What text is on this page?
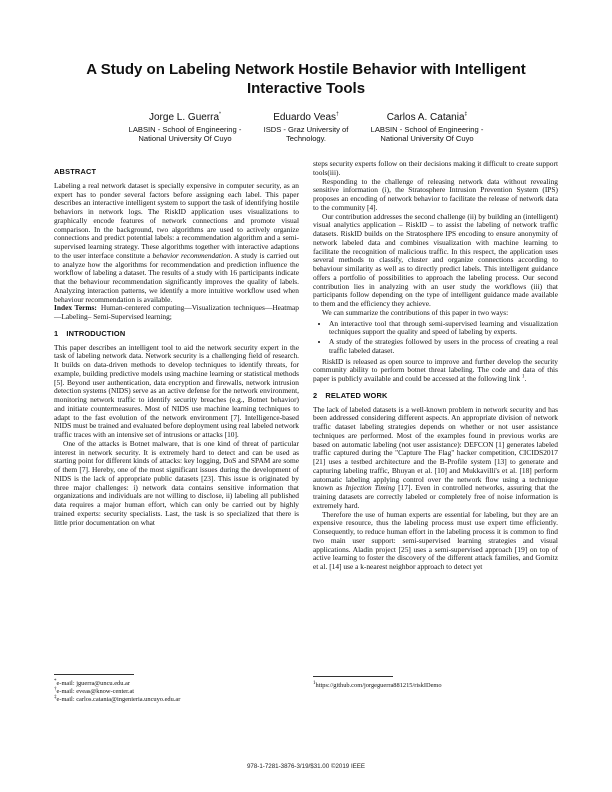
A Study on Labeling Network Hostile Behavior with Intelligent Interactive Tools
Jorge L. Guerra*
LABSIN - School of Engineering - National University Of Cuyo
Eduardo Veas†
ISDS - Graz University of Technology.
Carlos A. Catania‡
LABSIN - School of Engineering - National University Of Cuyo
ABSTRACT

Labeling a real network dataset is specially expensive in computer security, as an expert has to ponder several factors before assigning each label. This paper describes an interactive intelligent system to support the task of identifying hostile behaviors in network logs. The RiskID application uses visualizations to graphically encode features of network connections and promote visual comparison. In the background, two algorithms are used to actively organize connections and predict potential labels: a recommendation algorithm and a semi-supervised learning strategy. These algorithms together with interactive adaptions to the user interface constitute a behavior recommendation. A study is carried out to analyze how the algorithms for recommendation and prediction influence the workflow of labeling a dataset. The results of a study with 16 participants indicate that the behaviour recommendation significantly improves the quality of labels. Analyzing interaction patterns, we identify a more intuitive workflow used when behaviour recommendation is available.

Index Terms: Human-centered computing—Visualization techniques—Heatmap—Labeling– Semi-Supervised learning;

1 INTRODUCTION

This paper describes an intelligent tool to aid the network security expert in the task of labeling network data. Network security is a challenging field of research. It builds on data-driven methods to develop techniques to identify threats, for example, building predictive models using machine learning or statistical methods [5]. Beyond user authentication, data encryption and firewalls, network intrusion detection systems (NIDS) serve as an active defense for the network environment, monitoring network traffic to identify security breaches (e.g., Botnet behavior) and initiate countermeasures. Most of NIDS use machine learning techniques to adapt to the fast evolution of the network environment [7]. Intelligence-based NIDS must be trained and evaluated before deployment using real labeled network traffic traces with an intensive set of intrusions or attacks [10].

One of the attacks is Botnet malware, that is one kind of threat of particular interest in network security. It is extremely hard to detect and can be used as starting point for different kinds of attacks: key logging, DoS and SPAM are some of them [7]. Hereby, one of the most significant issues during the development of NIDS is the lack of appropriate public datasets [23]. This issue is originated by three major challenges: i) network data contains sensitive information that organizations and individuals are not willing to disclose, ii) labeling all published data requires a major human effort, which can only be carried out by highly trained experts: security specialists. Last, the task is so specialized that there is little prior documentation on what

*e-mail: jguerra@uncu.edu.ar
†e-mail: eveas@know-center.at
‡e-mail: carlos.catania@ingenieria.uncuyo.edu.ar

steps security experts follow on their decisions making it difficult to create support tools(iii).

Responding to the challenge of releasing network data without revealing sensitive information (i), the Stratosphere Intrusion Prevention System (IPS) proposes an encoding of network behavior to facilitate the release of network data to the community [4].

Our contribution addresses the second challenge (ii) by building an (intelligent) visual analytics application – RiskID – to assist the labeling of network traffic datasets. RiskID builds on the Stratosphere IPS encoding to ensure anonymity of network labeled data and combines visualization with machine learning to facilitate the recognition of malicious traffic. In this respect, the application uses several methods to classify, cluster and organize connections according to behaviour similarity as well as to directly predict labels. This intelligent guidance offers a portfolio of possibilities to approach the labeling process. Our second contribution lies in analyzing with an user study the workflows (iii) that participants follow depending on the type of intelligent guidance made available to them and the efficiency they achieve.

We can summarize the contributions of this paper in two ways:

• An interactive tool that through semi-supervised learning and visualization techniques support the quality and speed of labeling by experts.
• A study of the strategies followed by users in the process of creating a real traffic labeled dataset.

RiskID is released as open source to improve and further develop the security community ability to perform botnet threat labeling. The code and data of this paper is publicly available and could be accessed at the following link $^1$.

2 RELATED WORK

The lack of labeled datasets is a well-known problem in network security and has been addressed considering different aspects. An appropriate division of network traffic dataset labeling strategies depends on whether or not user assistance techniques are performed. Most of the examples found in previous works are based on automatic labeling (not user assistance): DEFCON [1] generates labeled traffic captured during the "Capture The Flag" hacker competition, CICIDS2017 [21] uses a testbed architecture and the B-Profile system [13] to generate and capturing labeling traffic, Bhuyan et al. [10] and Mukkavilli's et al. [18] perform automatic labeling applying control over the network flow using a technique known as Injection Timing [17]. Even in controlled networks, assuring that the training datasets are correctly labeled or completely free of noise information is extremely hard.

Therefore the use of human experts are essential for labeling, but they are an expensive resource, thus the labeling process must use expert time efficiently. Consequently, to reduce human effort in the labeling process it is common to find two main user support: semi-supervised learning strategies and visual applications. Aladin project [25] uses a semi-supervised approach [19] on top of active learning to foster the discovery of the different attack families, and Gornitz et al. [14] use a k-nearest neighbor approach to detect yet

$^1$https://github.com/jorgeguerra881215/riskIDemo
978-1-7281-3876-3/19/$31.00 ©2019 IEEE
